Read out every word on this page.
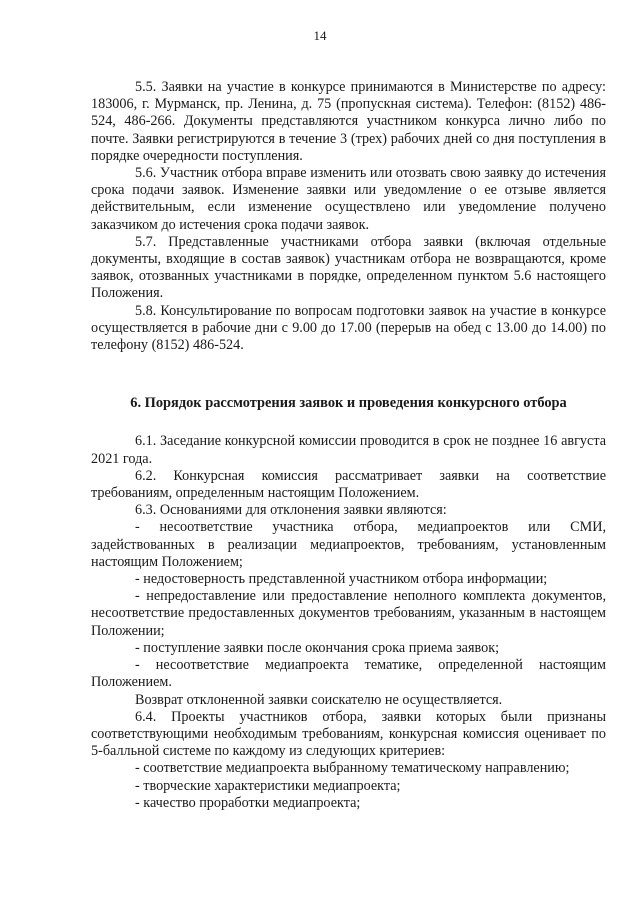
14

5.5. Заявки на участие в конкурсе принимаются в Министерстве по адресу: 183006, г. Мурманск, пр. Ленина, д. 75 (пропускная система). Телефон: (8152) 486-524, 486-266. Документы представляются участником конкурса лично либо по почте. Заявки регистрируются в течение 3 (трех) рабочих дней со дня поступления в порядке очередности поступления.

5.6. Участник отбора вправе изменить или отозвать свою заявку до истечения срока подачи заявок. Изменение заявки или уведомление о ее отзыве является действительным, если изменение осуществлено или уведомление получено заказчиком до истечения срока подачи заявок.

5.7. Представленные участниками отбора заявки (включая отдельные документы, входящие в состав заявок) участникам отбора не возвращаются, кроме заявок, отозванных участниками в порядке, определенном пунктом 5.6 настоящего Положения.

5.8. Консультирование по вопросам подготовки заявок на участие в конкурсе осуществляется в рабочие дни с 9.00 до 17.00 (перерыв на обед с 13.00 до 14.00) по телефону (8152) 486-524.

6. Порядок рассмотрения заявок и проведения конкурсного отбора

6.1. Заседание конкурсной комиссии проводится в срок не позднее 16 августа 2021 года.

6.2. Конкурсная комиссия рассматривает заявки на соответствие требованиям, определенным настоящим Положением.

6.3. Основаниями для отклонения заявки являются:

- несоответствие участника отбора, медиапроектов или СМИ, задействованных в реализации медиапроектов, требованиям, установленным настоящим Положением;

- недостоверность представленной участником отбора информации;

- непредоставление или предоставление неполного комплекта документов, несоответствие предоставленных документов требованиям, указанным в настоящем Положении;

- поступление заявки после окончания срока приема заявок;

- несоответствие медиапроекта тематике, определенной настоящим Положением.

Возврат отклоненной заявки соискателю не осуществляется.

6.4. Проекты участников отбора, заявки которых были признаны соответствующими необходимым требованиям, конкурсная комиссия оценивает по 5-балльной системе по каждому из следующих критериев:

- соответствие медиапроекта выбранному тематическому направлению;

- творческие характеристики медиапроекта;

- качество проработки медиапроекта;
